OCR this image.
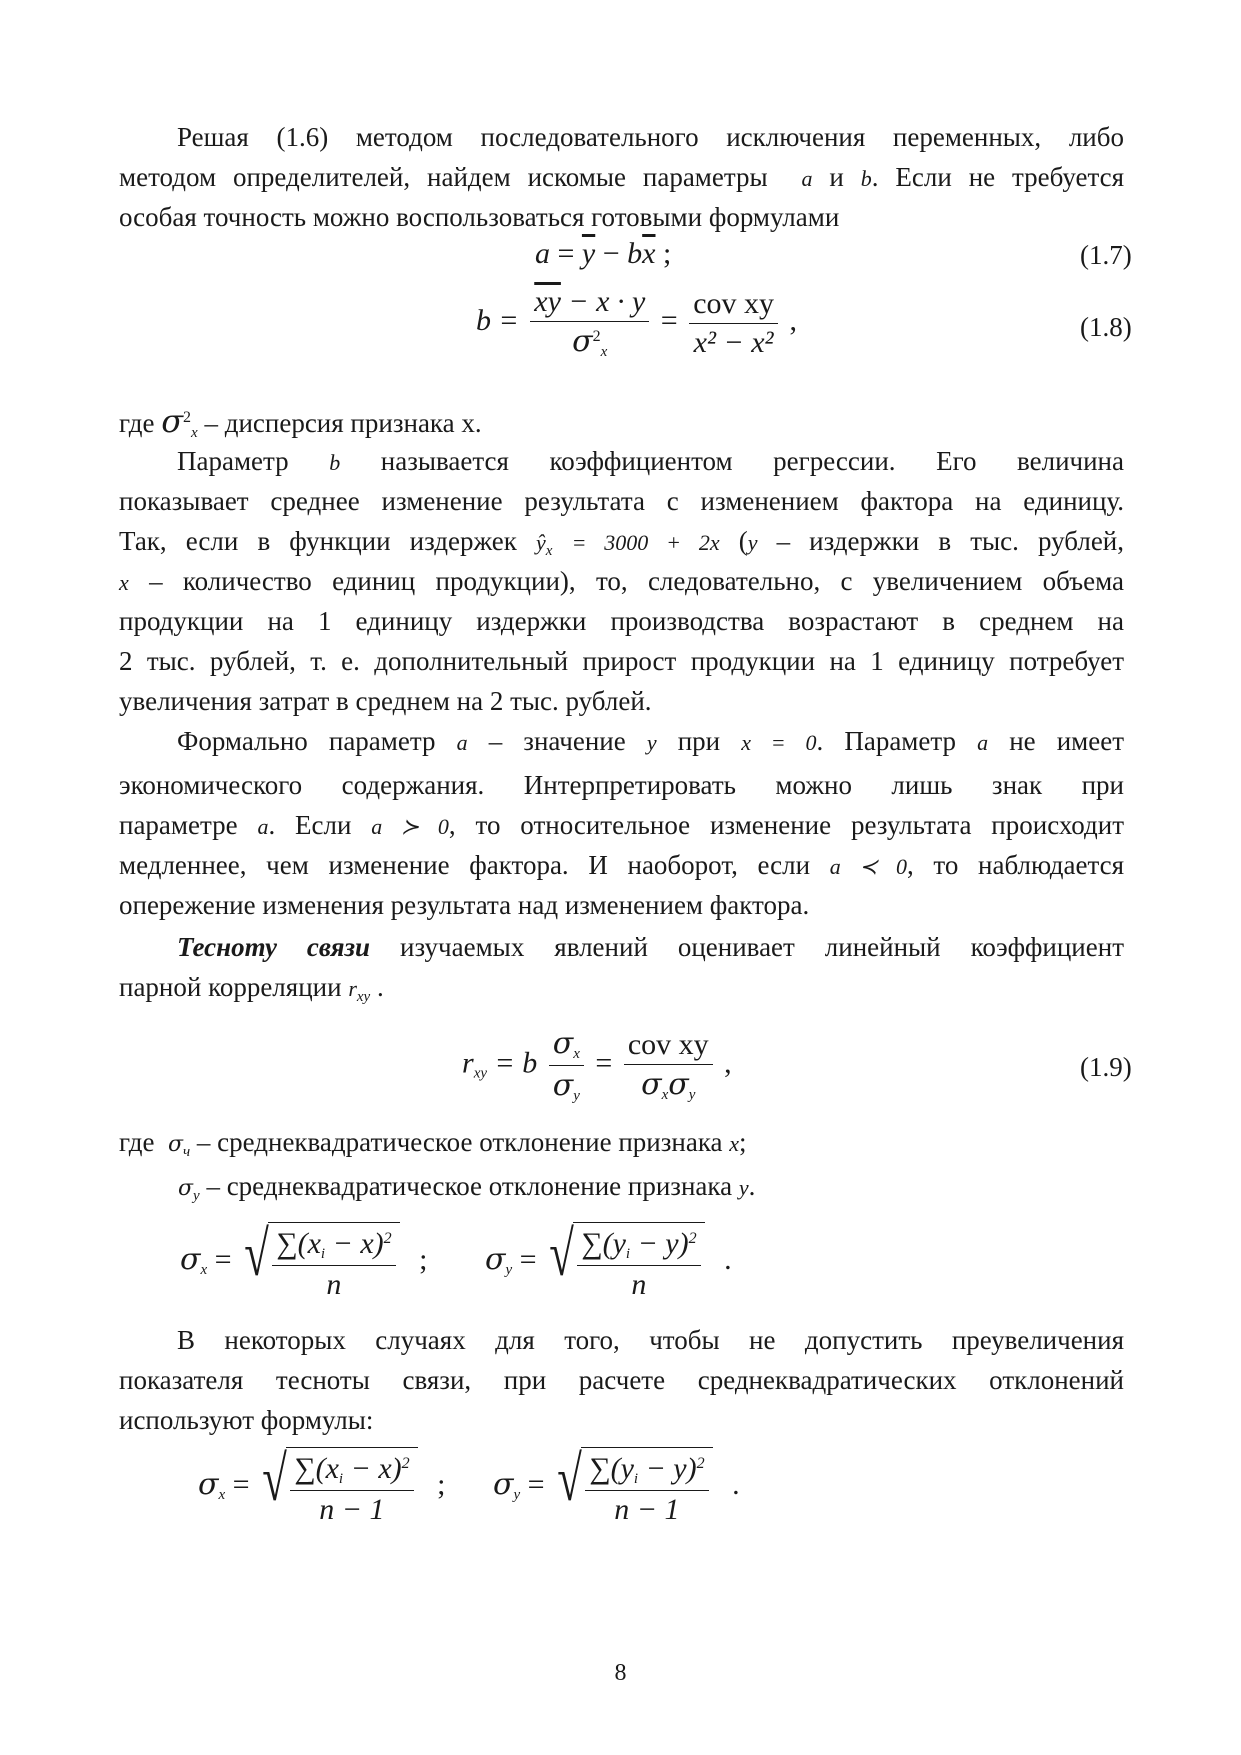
Решая (1.6) методом последовательного исключения переменных, либо
методом определителей, найдем искомые параметры a и b. Если не требуется
особая точность можно воспользоваться готовыми формулами
$a = \overline{y} - b\overline{x}$ ;	(1.7)
$b = \frac{\overline{xy} - x \cdot y}{\sigma^2_x} = \frac{\text{cov xy}}{\text{x² − x²}}$ ,	(1.8)
где $\sigma^2_x$ – дисперсия признака х.
Параметр b называется коэффициентом регрессии. Его величина
показывает среднее изменение результата с изменением фактора на единицу.
Так, если в функции издержек $ŷ_x = 3000 + 2x$ (y – издержки в тыс. рублей,
x – количество единиц продукции), то, следовательно, с увеличением объема
продукции на 1 единицу издержки производства возрастают в среднем на
2 тыс. рублей, т. е. дополнительный прирост продукции на 1 единицу потребует
увеличения затрат в среднем на 2 тыс. рублей.
Формально параметр a – значение y при x = 0. Параметр a не имеет
экономического содержания. Интерпретировать можно лишь знак при
параметре a. Если a ≻ 0, то относительное изменение результата происходит
медленнее, чем изменение фактора. И наоборот, если a ≺ 0, то наблюдается
опережение изменения результата над изменением фактора.
Тесноту связи изучаемых явлений оценивает линейный коэффициент
парной корреляции $r_{xy}$ .
$r_{xy} = b \frac{\sigma_x}{\sigma_y} = \frac{\text{cov xy}}{\sigma_x\sigma_y}$ ,	(1.9)
где $\sigma_ч$ – среднеквадратическое отклонение признака x;
$\sigma_y$ – среднеквадратическое отклонение признака y.
$\sigma_x$ = √ $\frac{\sum(x_i - x)^2}{n}$ ; $\sigma_y$ = √ $\frac{\sum(y_i - y)^2}{n}$ .
В некоторых случаях для того, чтобы не допустить преувеличения
показателя тесноты связи, при расчете среднеквадратических отклонений
используют формулы:
$\sigma_x$ = √ $\frac{\sum(x_i - x)^2}{n - 1}$ ; $\sigma_y$ = √ $\frac{\sum(y_i - y)^2}{n - 1}$ .
8
